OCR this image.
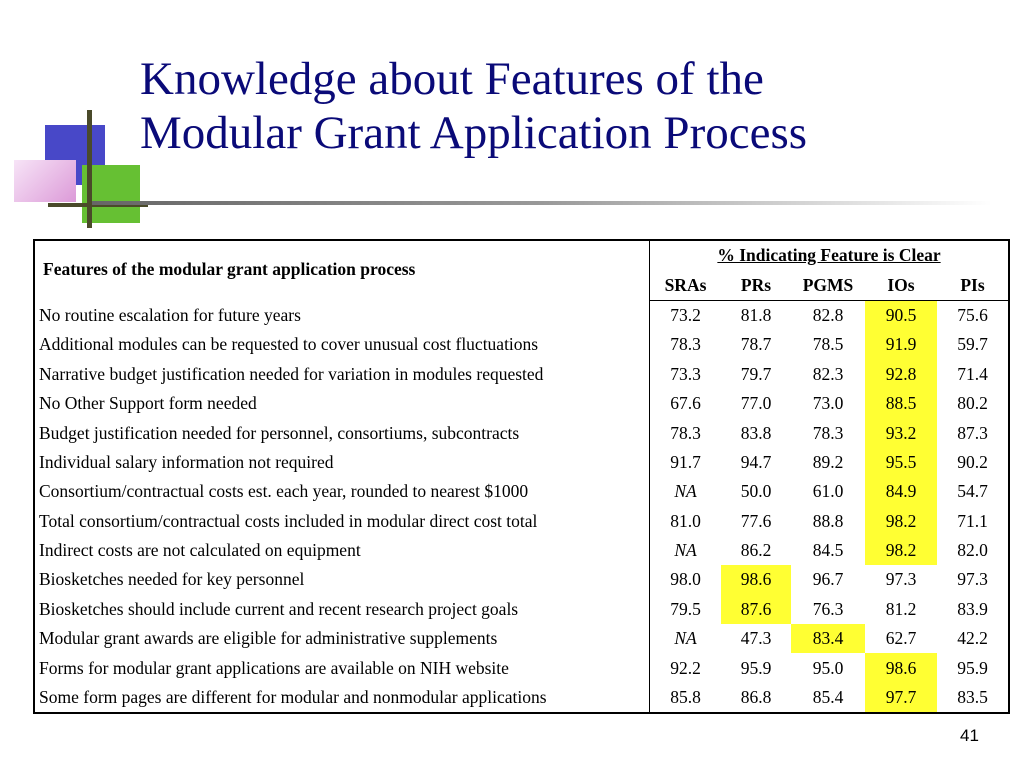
Knowledge about Features of the
Modular Grant Application Process
Features of the modular grant application process	% Indicating Feature is Clear				
	SRAs	PRs	PGMS	IOs	PIs
No routine escalation for future years	73.2	81.8	82.8	90.5	75.6
Additional modules can be requested to cover unusual cost fluctuations	78.3	78.7	78.5	91.9	59.7
Narrative budget justification needed for variation in modules requested	73.3	79.7	82.3	92.8	71.4
No Other Support form needed	67.6	77.0	73.0	88.5	80.2
Budget justification needed for personnel, consortiums, subcontracts	78.3	83.8	78.3	93.2	87.3
Individual salary information not required	91.7	94.7	89.2	95.5	90.2
Consortium/contractual costs est. each year, rounded to nearest $1000	NA	50.0	61.0	84.9	54.7
Total consortium/contractual costs included in modular direct cost total	81.0	77.6	88.8	98.2	71.1
Indirect costs are not calculated on equipment	NA	86.2	84.5	98.2	82.0
Biosketches needed for key personnel	98.0	98.6	96.7	97.3	97.3
Biosketches should include current and recent research project goals	79.5	87.6	76.3	81.2	83.9
Modular grant awards are eligible for administrative supplements	NA	47.3	83.4	62.7	42.2
Forms for modular grant applications are available on NIH website	92.2	95.9	95.0	98.6	95.9
Some form pages are different for modular and nonmodular applications	85.8	86.8	85.4	97.7	83.5
41
